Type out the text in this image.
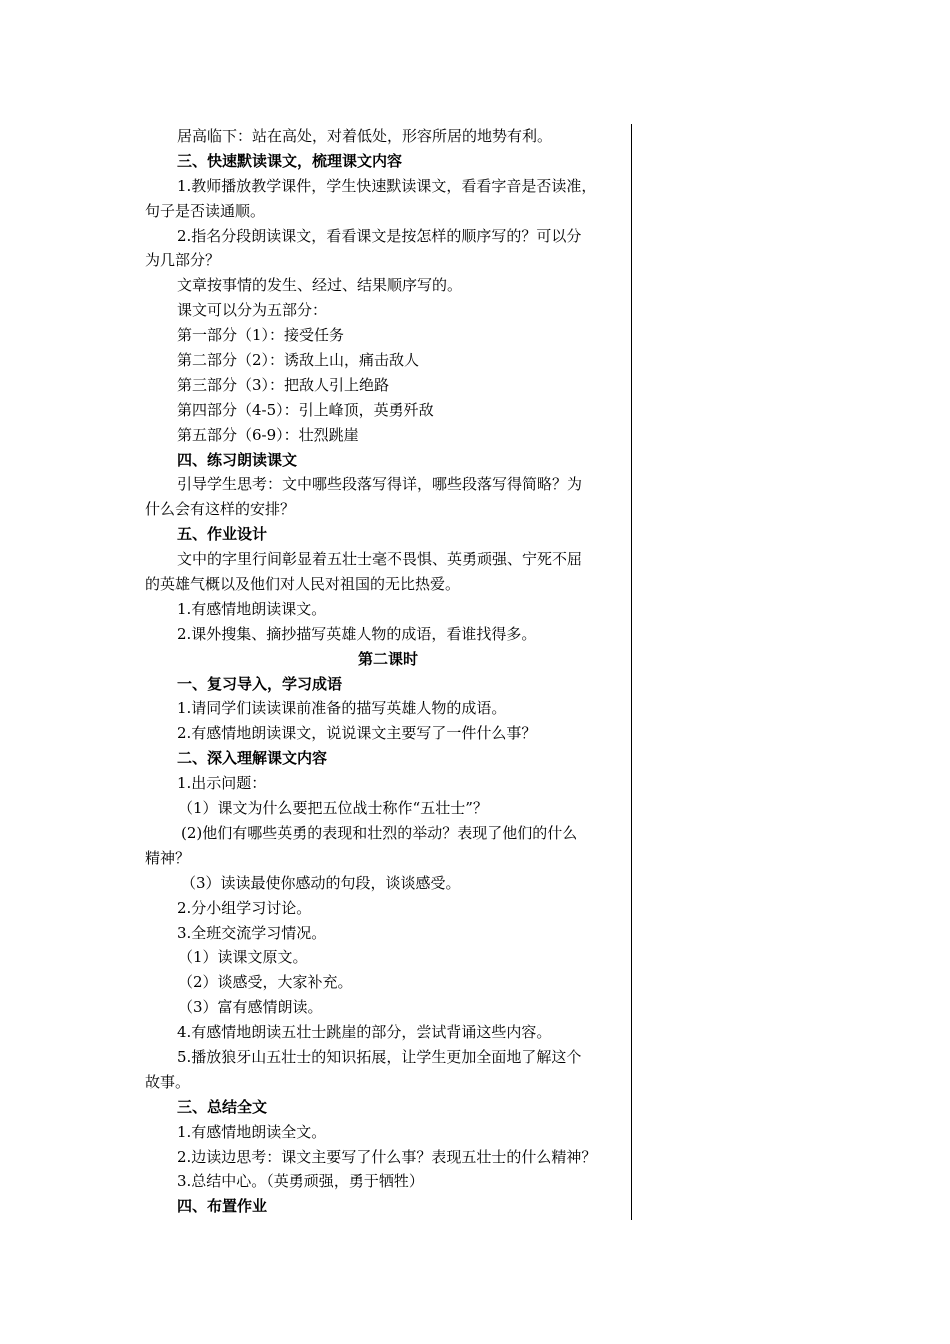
居高临下：站在高处，对着低处，形容所居的地势有利。
三、快速默读课文，梳理课文内容
1.教师播放教学课件，学生快速默读课文，看看字音是否读准，
句子是否读通顺。
2.指名分段朗读课文，看看课文是按怎样的顺序写的？可以分
为几部分？
文章按事情的发生、经过、结果顺序写的。
课文可以分为五部分：
第一部分（1）：接受任务
第二部分（2）：诱敌上山，痛击敌人
第三部分（3）：把敌人引上绝路
第四部分（4-5）：引上峰顶，英勇歼敌
第五部分（6-9）：壮烈跳崖
四、练习朗读课文
引导学生思考：文中哪些段落写得详，哪些段落写得简略？为
什么会有这样的安排？
五、作业设计
文中的字里行间彰显着五壮士毫不畏惧、英勇顽强、宁死不屈
的英雄气概以及他们对人民对祖国的无比热爱。
1.有感情地朗读课文。
2.课外搜集、摘抄描写英雄人物的成语，看谁找得多。
第二课时
一、复习导入，学习成语
1.请同学们读读课前准备的描写英雄人物的成语。
2.有感情地朗读课文，说说课文主要写了一件什么事？
二、深入理解课文内容
1.出示问题：
（1）课文为什么要把五位战士称作“五壮士”？
(2)他们有哪些英勇的表现和壮烈的举动？表现了他们的什么
精神？
（3）读读最使你感动的句段，谈谈感受。
2.分小组学习讨论。
3.全班交流学习情况。
（1）读课文原文。
（2）谈感受，大家补充。
（3）富有感情朗读。
4.有感情地朗读五壮士跳崖的部分，尝试背诵这些内容。
5.播放狼牙山五壮士的知识拓展，让学生更加全面地了解这个
故事。
三、总结全文
1.有感情地朗读全文。
2.边读边思考：课文主要写了什么事？表现五壮士的什么精神？
3.总结中心。（英勇顽强，勇于牺牲）
四、布置作业
